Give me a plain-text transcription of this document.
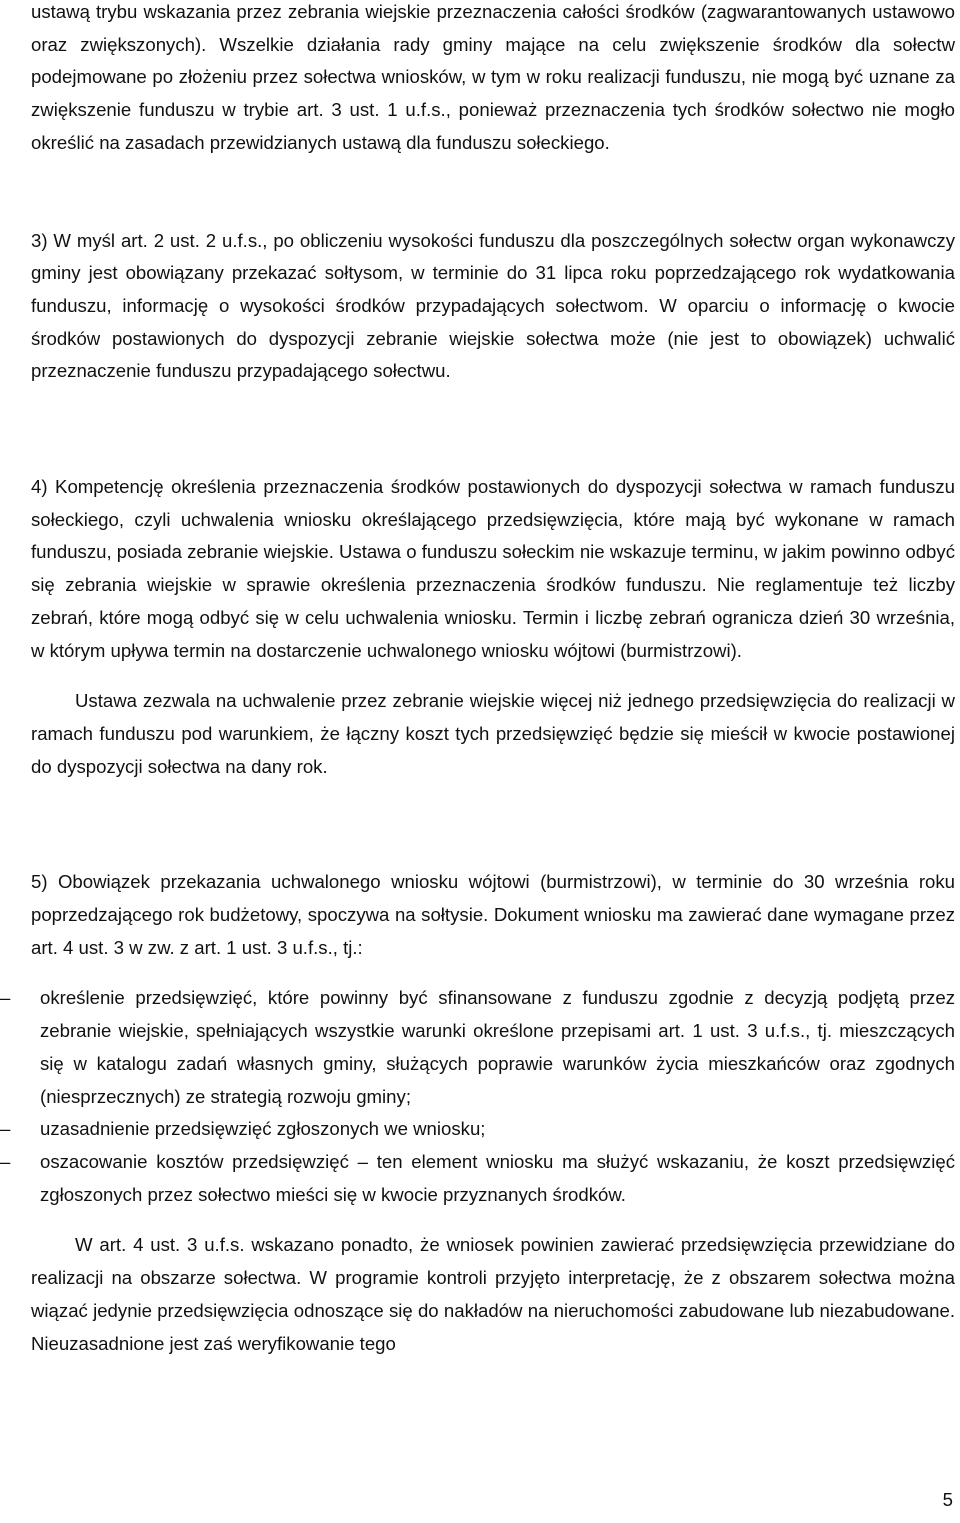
ustawą trybu wskazania przez zebrania wiejskie przeznaczenia całości środków (zagwarantowanych ustawowo oraz zwiększonych). Wszelkie działania rady gminy mające na celu zwiększenie środków dla sołectw podejmowane po złożeniu przez sołectwa wniosków, w tym w roku realizacji funduszu, nie mogą być uznane za zwiększenie funduszu w trybie art. 3 ust. 1 u.f.s., ponieważ przeznaczenia tych środków sołectwo nie mogło określić na zasadach przewidzianych ustawą dla funduszu sołeckiego.

3) W myśl art. 2 ust. 2 u.f.s., po obliczeniu wysokości funduszu dla poszczególnych sołectw organ wykonawczy gminy jest obowiązany przekazać sołtysom, w terminie do 31 lipca roku poprzedzającego rok wydatkowania funduszu, informację o wysokości środków przypadających sołectwom. W oparciu o informację o kwocie środków postawionych do dyspozycji zebranie wiejskie sołectwa może (nie jest to obowiązek) uchwalić przeznaczenie funduszu przypadającego sołectwu.

4) Kompetencję określenia przeznaczenia środków postawionych do dyspozycji sołectwa w ramach funduszu sołeckiego, czyli uchwalenia wniosku określającego przedsięwzięcia, które mają być wykonane w ramach funduszu, posiada zebranie wiejskie. Ustawa o funduszu sołeckim nie wskazuje terminu, w jakim powinno odbyć się zebrania wiejskie w sprawie określenia przeznaczenia środków funduszu. Nie reglamentuje też liczby zebrań, które mogą odbyć się w celu uchwalenia wniosku. Termin i liczbę zebrań ogranicza dzień 30 września, w którym upływa termin na dostarczenie uchwalonego wniosku wójtowi (burmistrzowi).

Ustawa zezwala na uchwalenie przez zebranie wiejskie więcej niż jednego przedsięwzięcia do realizacji w ramach funduszu pod warunkiem, że łączny koszt tych przedsięwzięć będzie się mieścił w kwocie postawionej do dyspozycji sołectwa na dany rok.

5) Obowiązek przekazania uchwalonego wniosku wójtowi (burmistrzowi), w terminie do 30 września roku poprzedzającego rok budżetowy, spoczywa na sołtysie. Dokument wniosku ma zawierać dane wymagane przez art. 4 ust. 3 w zw. z art. 1 ust. 3 u.f.s., tj.:

– określenie przedsięwzięć, które powinny być sfinansowane z funduszu zgodnie z decyzją podjętą przez zebranie wiejskie, spełniających wszystkie warunki określone przepisami art. 1 ust. 3 u.f.s., tj. mieszczących się w katalogu zadań własnych gminy, służących poprawie warunków życia mieszkańców oraz zgodnych (niesprzecznych) ze strategią rozwoju gminy;
– uzasadnienie przedsięwzięć zgłoszonych we wniosku;
– oszacowanie kosztów przedsięwzięć – ten element wniosku ma służyć wskazaniu, że koszt przedsięwzięć zgłoszonych przez sołectwo mieści się w kwocie przyznanych środków.

W art. 4 ust. 3 u.f.s. wskazano ponadto, że wniosek powinien zawierać przedsięwzięcia przewidziane do realizacji na obszarze sołectwa. W programie kontroli przyjęto interpretację, że z obszarem sołectwa można wiązać jedynie przedsięwzięcia odnoszące się do nakładów na nieruchomości zabudowane lub niezabudowane. Nieuzasadnione jest zaś weryfikowanie tego

5
